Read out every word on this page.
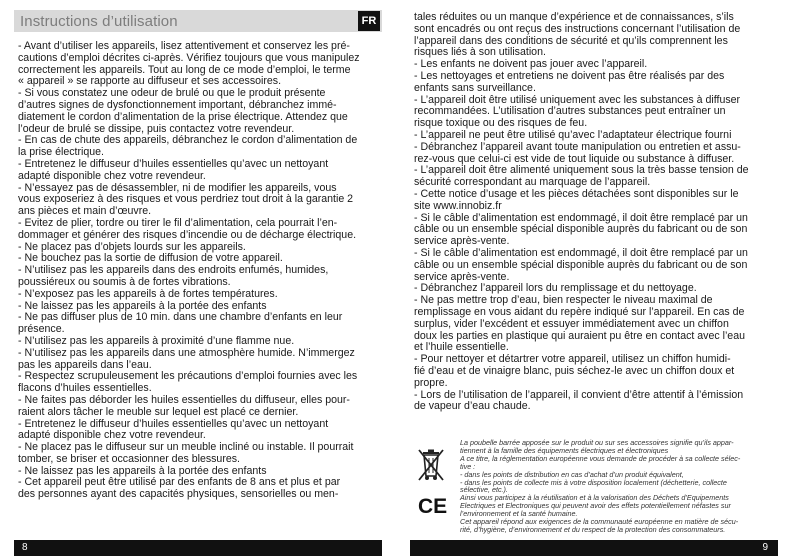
Instructions d’utilisation	FR

- Avant d’utiliser les appareils, lisez attentivement et conservez les pré-

cautions d’emploi décrites ci-après. Vérifiez toujours que vous manipulez

correctement les appareils. Tout au long de ce mode d’emploi, le terme

« appareil » se rapporte au diffuseur et ses accessoires.

- Si vous constatez une odeur de brulé ou que le produit présente

d’autres signes de dysfonctionnement important, débranchez immé-

diatement le cordon d’alimentation de la prise électrique. Attendez que

l’odeur de brulé se dissipe, puis contactez votre revendeur.

- En cas de chute des appareils, débranchez le cordon d’alimentation de

la prise électrique.

- Entretenez le diffuseur d’huiles essentielles qu’avec un nettoyant

adapté disponible chez votre revendeur.

- N’essayez pas de désassembler, ni de modifier les appareils, vous

vous exposeriez à des risques et vous perdriez tout droit à la garantie 2

ans pièces et main d’œuvre.

- Evitez de plier, tordre ou tirer le fil d’alimentation, cela pourrait l’en-

dommager et générer des risques d’incendie ou de décharge électrique.

- Ne placez pas d’objets lourds sur les appareils.

- Ne bouchez pas la sortie de diffusion de votre appareil.

- N’utilisez pas les appareils dans des endroits enfumés, humides,

poussiéreux ou soumis à de fortes vibrations.

- N’exposez pas les appareils à de fortes températures.

- Ne laissez pas les appareils à la portée des enfants

- Ne pas diffuser plus de 10 min. dans une chambre d’enfants en leur

présence.

- N’utilisez pas les appareils à proximité d’une flamme nue.

- N’utilisez pas les appareils dans une atmosphère humide. N’immergez

pas les appareils dans l’eau.

- Respectez scrupuleusement les précautions d’emploi fournies avec les

flacons d’huiles essentielles.

- Ne faites pas déborder les huiles essentielles du diffuseur, elles pour-

raient alors tâcher le meuble sur lequel est placé ce dernier.

- Entretenez le diffuseur d’huiles essentielles qu’avec un nettoyant

adapté disponible chez votre revendeur.

- Ne placez pas le diffuseur sur un meuble incliné ou instable. Il pourrait

tomber, se briser et occasionner des blessures.

- Ne laissez pas les appareils à la portée des enfants

- Cet appareil peut être utilisé par des enfants de 8 ans et plus et par

des personnes ayant des capacités physiques, sensorielles ou men-

8

tales réduites ou un manque d’expérience et de connaissances, s’ils

sont encadrés ou ont reçus des instructions concernant l’utilisation de

l’appareil dans des conditions de sécurité et qu’ils comprennent les

risques liés à son utilisation.

- Les enfants ne doivent pas jouer avec l’appareil.

- Les nettoyages et entretiens ne doivent pas être réalisés par des

enfants sans surveillance.

- L’appareil doit être utilisé uniquement avec les substances à diffuser

recommandées. L’utilisation d’autres substances peut entraîner un

risque toxique ou des risques de feu.

- L’appareil ne peut être utilisé qu’avec l’adaptateur électrique fourni

- Débranchez l’appareil avant toute manipulation ou entretien et assu-

rez-vous que celui-ci est vide de tout liquide ou substance à diffuser.

- L’appareil doit être alimenté uniquement sous la très basse tension de

sécurité correspondant au marquage de l’appareil.

- Cette notice d’usage et les pièces détachées sont disponibles sur le

site www.innobiz.fr

- Si le câble d’alimentation est endommagé, il doit être remplacé par un

câble ou un ensemble spécial disponible auprès du fabricant ou de son

service après-vente.

- Si le câble d’alimentation est endommagé, il doit être remplacé par un

câble ou un ensemble spécial disponible auprès du fabricant ou de son

service après-vente.

- Débranchez l’appareil lors du remplissage et du nettoyage.

- Ne pas mettre trop d’eau, bien respecter le niveau maximal de

remplissage en vous aidant du repère indiqué sur l’appareil. En cas de

surplus, vider l’excédent et essuyer immédiatement avec un chiffon

doux les parties en plastique qui auraient pu être en contact avec l’eau

et l’huile essentielle.

- Pour nettoyer et détartrer votre appareil, utilisez un chiffon humidi-

fié d’eau et de vinaigre blanc, puis séchez-le avec un chiffon doux et

propre.

- Lors de l’utilisation de l’appareil, il convient d’être attentif à l’émission

de vapeur d’eau chaude.

CE

La poubelle barrée apposée sur le produit ou sur ses accessoires signifie qu’ils appar-

tiennent à la famille des équipements électriques et électroniques

A ce titre, la réglementation européenne vous demande de procéder à sa collecte sélec-

tive :

- dans les points de distribution en cas d’achat d’un produit équivalent,

- dans les points de collecte mis à votre disposition localement (déchetterie, collecte

sélective, etc.).

Ainsi vous participez à la réutilisation et à la valorisation des Déchets d’Equipements

Electriques et Electroniques qui peuvent avoir des effets potentiellement néfastes sur

l’environnement et la santé humaine.

Cet appareil répond aux exigences de la communauté européenne en matière de sécu-

rité, d’hygiène, d’environnement et du respect de la protection des consommateurs.

9
